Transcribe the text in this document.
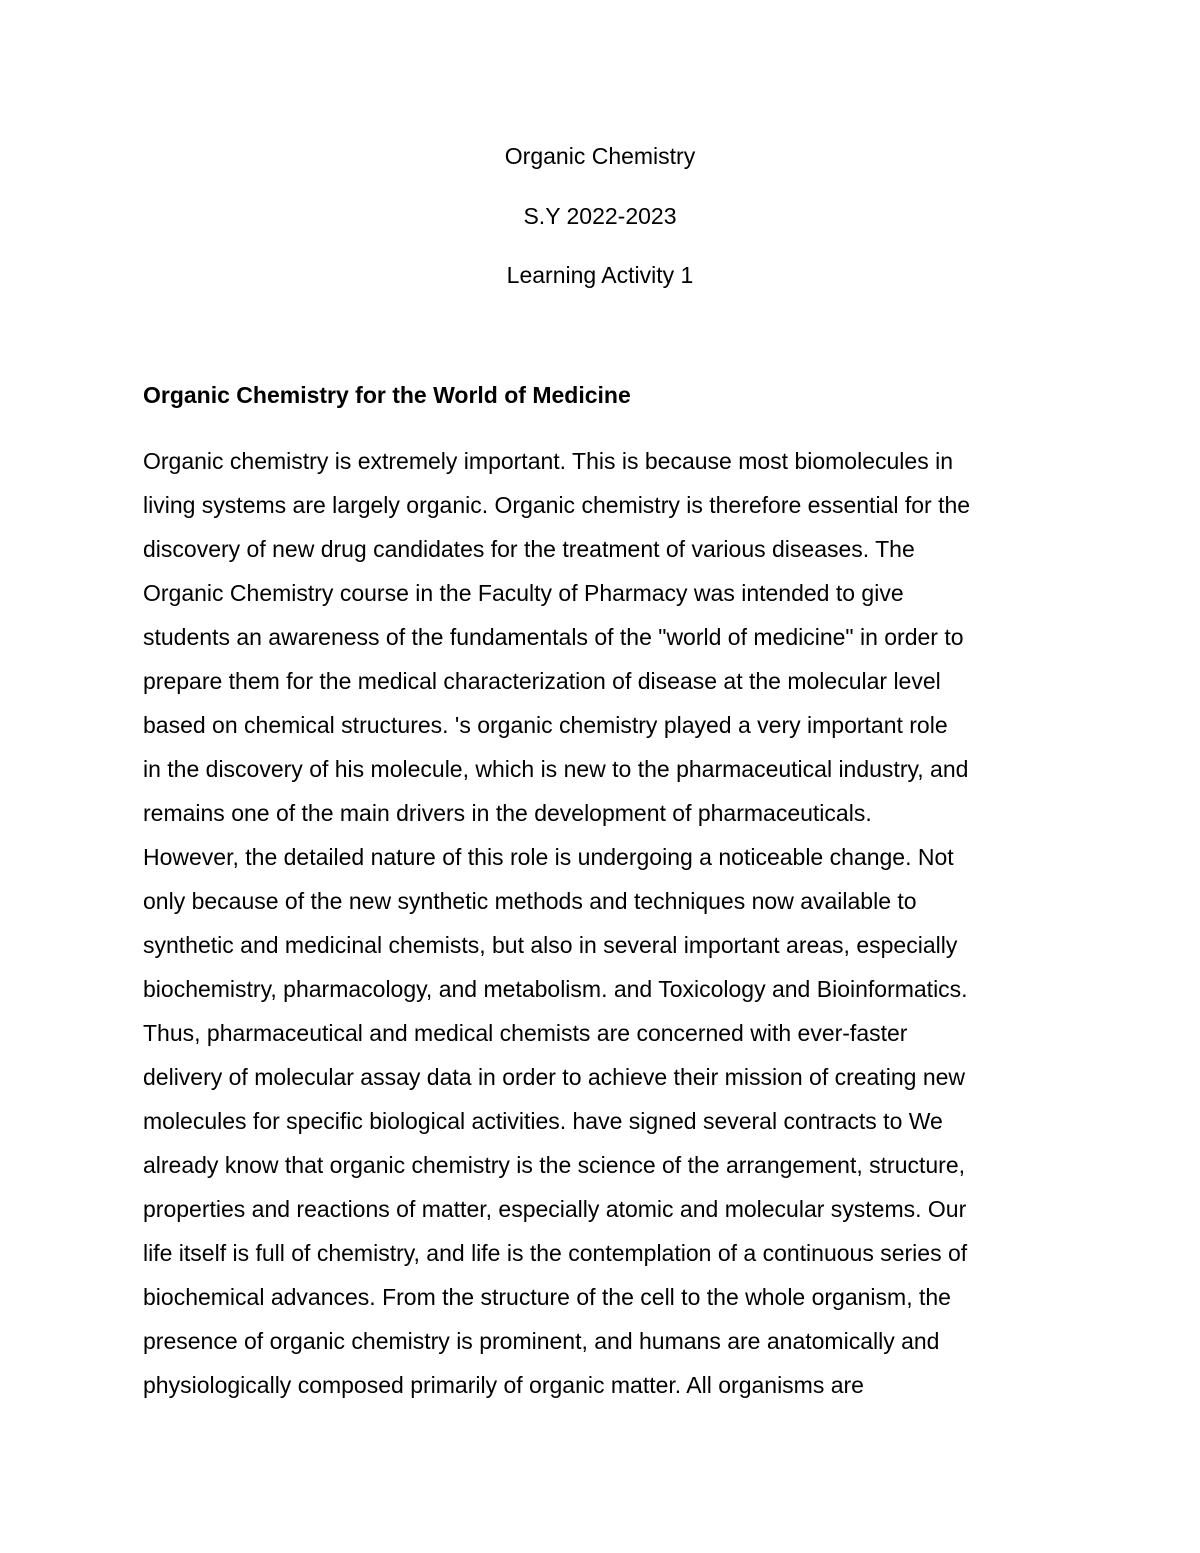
Organic Chemistry

S.Y 2022-2023

Learning Activity 1

Organic Chemistry for the World of Medicine
Organic chemistry is extremely important. This is because most biomolecules in
living systems are largely organic. Organic chemistry is therefore essential for the
discovery of new drug candidates for the treatment of various diseases. The
Organic Chemistry course in the Faculty of Pharmacy was intended to give
students an awareness of the fundamentals of the "world of medicine" in order to
prepare them for the medical characterization of disease at the molecular level
based on chemical structures. 's organic chemistry played a very important role
in the discovery of his molecule, which is new to the pharmaceutical industry, and
remains one of the main drivers in the development of pharmaceuticals.
However, the detailed nature of this role is undergoing a noticeable change. Not
only because of the new synthetic methods and techniques now available to
synthetic and medicinal chemists, but also in several important areas, especially
biochemistry, pharmacology, and metabolism. and Toxicology and Bioinformatics.
Thus, pharmaceutical and medical chemists are concerned with ever-faster
delivery of molecular assay data in order to achieve their mission of creating new
molecules for specific biological activities. have signed several contracts to We
already know that organic chemistry is the science of the arrangement, structure,
properties and reactions of matter, especially atomic and molecular systems. Our
life itself is full of chemistry, and life is the contemplation of a continuous series of
biochemical advances. From the structure of the cell to the whole organism, the
presence of organic chemistry is prominent, and humans are anatomically and
physiologically composed primarily of organic matter. All organisms are
